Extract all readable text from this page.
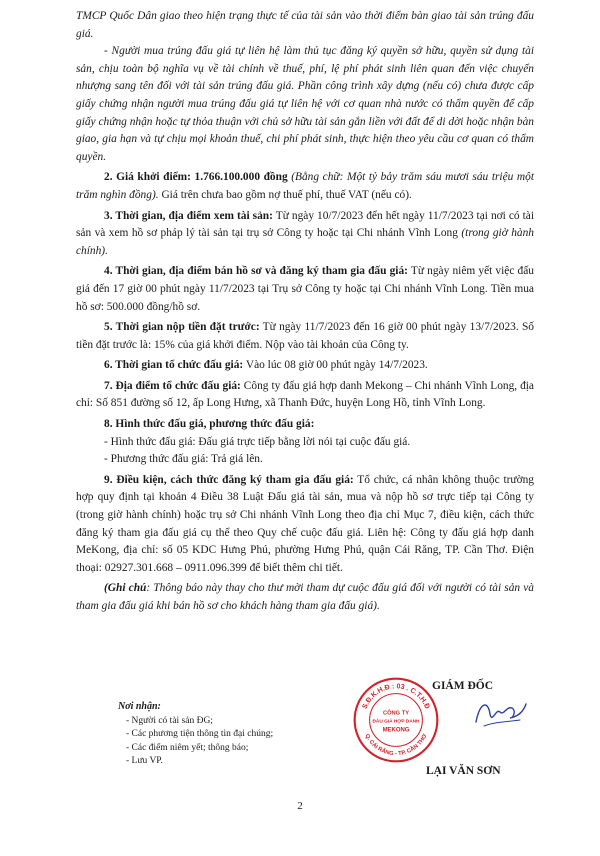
TMCP Quốc Dân giao theo hiện trạng thực tế của tài sản vào thời điểm bàn giao tài sản trúng đấu giá.

- Người mua trúng đấu giá tự liên hệ làm thủ tục đăng ký quyền sở hữu, quyền sử dụng tài sản, chịu toàn bộ nghĩa vụ về tài chính về thuế, phí, lệ phí phát sinh liên quan đến việc chuyển nhượng sang tên đối với tài sản trúng đấu giá. Phần công trình xây dựng (nếu có) chưa được cấp giấy chứng nhận người mua trúng đấu giá tự liên hệ với cơ quan nhà nước có thẩm quyền để cấp giấy chứng nhận hoặc tự thỏa thuận với chủ sở hữu tài sản gắn liền với đất để di dời hoặc nhận bàn giao, gia hạn và tự chịu mọi khoản thuế, chi phí phát sinh, thực hiện theo yêu cầu cơ quan có thẩm quyền.

2. Giá khởi điểm: 1.766.100.000 đồng (Bằng chữ: Một tỷ bảy trăm sáu mươi sáu triệu một trăm nghìn đồng). Giá trên chưa bao gồm nợ thuế phí, thuế VAT (nếu có).

3. Thời gian, địa điểm xem tài sản: Từ ngày 10/7/2023 đến hết ngày 11/7/2023 tại nơi có tài sản và xem hồ sơ pháp lý tài sản tại trụ sở Công ty hoặc tại Chi nhánh Vĩnh Long (trong giờ hành chính).

4. Thời gian, địa điểm bán hồ sơ và đăng ký tham gia đấu giá: Từ ngày niêm yết việc đấu giá đến 17 giờ 00 phút ngày 11/7/2023 tại Trụ sở Công ty hoặc tại Chi nhánh Vĩnh Long. Tiền mua hồ sơ: 500.000 đồng/hồ sơ.

5. Thời gian nộp tiền đặt trước: Từ ngày 11/7/2023 đến 16 giờ 00 phút ngày 13/7/2023. Số tiền đặt trước là: 15% của giá khởi điểm. Nộp vào tài khoản của Công ty.

6. Thời gian tổ chức đấu giá: Vào lúc 08 giờ 00 phút ngày 14/7/2023.

7. Địa điểm tổ chức đấu giá: Công ty đấu giá hợp danh Mekong – Chi nhánh Vĩnh Long, địa chỉ: Số 851 đường số 12, ấp Long Hưng, xã Thanh Đức, huyện Long Hồ, tỉnh Vĩnh Long.

8. Hình thức đấu giá, phương thức đấu giá:

- Hình thức đấu giá: Đấu giá trực tiếp bằng lời nói tại cuộc đấu giá.

- Phương thức đấu giá: Trả giá lên.

9. Điều kiện, cách thức đăng ký tham gia đấu giá: Tổ chức, cá nhân không thuộc trường hợp quy định tại khoản 4 Điều 38 Luật Đấu giá tài sản, mua và nộp hồ sơ trực tiếp tại Công ty (trong giờ hành chính) hoặc trụ sở Chi nhánh Vĩnh Long theo địa chỉ Mục 7, điều kiện, cách thức đăng ký tham gia đấu giá cụ thể theo Quy chế cuộc đấu giá. Liên hệ: Công ty đấu giá hợp danh MeKong, địa chỉ: số 05 KDC Hưng Phú, phường Hưng Phú, quận Cái Răng, TP. Cần Thơ. Điện thoại: 02927.301.668 – 0911.096.399 để biết thêm chi tiết.

(Ghi chú: Thông báo này thay cho thư mời tham dự cuộc đấu giá đối với người có tài sản và tham gia đấu giá khi bán hồ sơ cho khách hàng tham gia đấu giá).

Nơi nhận:
- Người có tài sản ĐG;
- Các phương tiện thông tin đại chúng;
- Các điểm niêm yết; thông báo;
- Lưu VP.
S.Đ.K.H.Đ : 03 . C.T.H.Đ
Q. CÁI RĂNG - TP. CẦN THƠ
CÔNG TY
ĐẤU GIÁ HỢP DANH
MEKONG
GIÁM ĐỐC
LẠI VĂN SƠN
2
